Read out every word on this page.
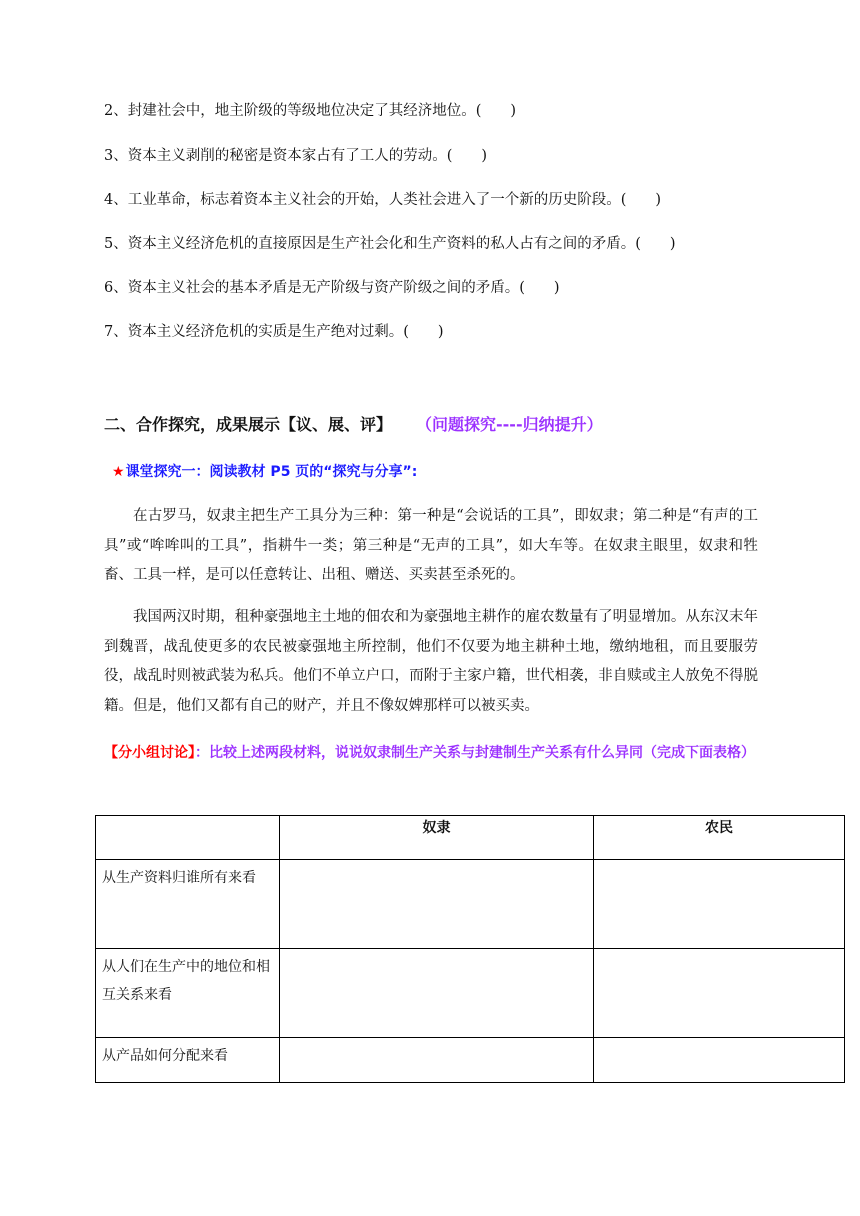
2、封建社会中，地主阶级的等级地位决定了其经济地位。(　　)
3、资本主义剥削的秘密是资本家占有了工人的劳动。(　　)
4、工业革命，标志着资本主义社会的开始，人类社会进入了一个新的历史阶段。(　　)
5、资本主义经济危机的直接原因是生产社会化和生产资料的私人占有之间的矛盾。(　　)
6、资本主义社会的基本矛盾是无产阶级与资产阶级之间的矛盾。(　　)
7、资本主义经济危机的实质是生产绝对过剩。(　　)
二、合作探究，成果展示【议、展、评】 （问题探究----归纳提升）
★课堂探究一：阅读教材 P5 页的“探究与分享”:
在古罗马，奴隶主把生产工具分为三种：第一种是“会说话的工具”，即奴隶；第二种是“有声的工具”或“哞哞叫的工具”，指耕牛一类；第三种是“无声的工具”，如大车等。在奴隶主眼里，奴隶和牲畜、工具一样，是可以任意转让、出租、赠送、买卖甚至杀死的。
我国两汉时期，租种豪强地主土地的佃农和为豪强地主耕作的雇农数量有了明显增加。从东汉末年到魏晋，战乱使更多的农民被豪强地主所控制，他们不仅要为地主耕种土地，缴纳地租，而且要服劳役，战乱时则被武装为私兵。他们不单立户口，而附于主家户籍，世代相袭，非自赎或主人放免不得脱籍。但是，他们又都有自己的财产，并且不像奴婢那样可以被买卖。
【分小组讨论】：比较上述两段材料，说说奴隶制生产关系与封建制生产关系有什么异同（完成下面表格）
	奴隶	农民
从生产资料归谁所有来看		
从人们在生产中的地位和相互关系来看		
从产品如何分配来看		
